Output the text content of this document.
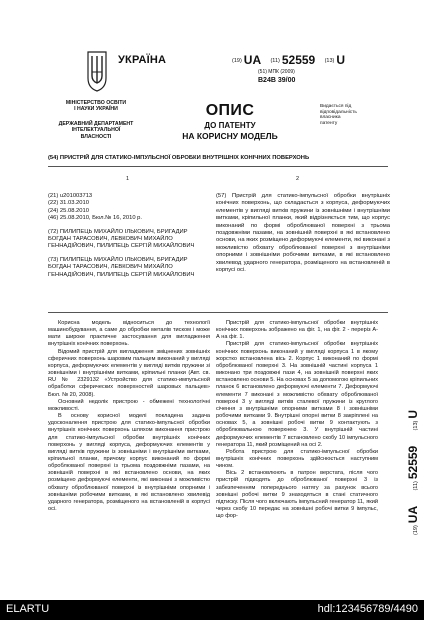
УКРАЇНА
МІНІСТЕРСТВО ОСВІТИ
І НАУКИ УКРАЇНИ
ДЕРЖАВНИЙ ДЕПАРТАМЕНТ
ІНТЕЛЕКТУАЛЬНОЇ
ВЛАСНОСТІ
(19) UA (11) 52559 (13) U
(51) МПК (2009)
B24B 39/00
ОПИС
ДО ПАТЕНТУ
НА КОРИСНУ МОДЕЛЬ
Видається під
відповідальність
власника
патенту
(54) ПРИСТРІЙ ДЛЯ СТАТИКО-ІМПУЛЬСНОЇ ОБРОБКИ ВНУТРІШНІХ КОНІЧНИХ ПОВЕРХОНЬ
1	2

(21) u201003713

(22) 31.03.2010

(24) 25.08.2010

(46) 25.08.2010, Бюл.№ 16, 2010 р.

(72) ПИЛИПЕЦЬ МИХАЙЛО ІЛЬКОВИЧ, БРИГАДИР БОГДАН ТАРАСОВИЧ, ЛЕВКОВИЧ МИХАЙЛО ГЕННАДІЙОВИЧ, ПИЛИПЕЦЬ СЕРГІЙ МИХАЙЛОВИЧ

(73) ПИЛИПЕЦЬ МИХАЙЛО ІЛЬКОВИЧ, БРИГАДИР БОГДАН ТАРАСОВИЧ, ЛЕВКОВИЧ МИХАЙЛО ГЕННАДІЙОВИЧ, ПИЛИПЕЦЬ СЕРГІЙ МИХАЙЛОВИЧ

(57) Пристрій для статико-імпульсної обробки внутрішніх конічних поверхонь, що складається з корпуса, деформуючих елементів у вигляді витків пружини із зовнішніми і внутрішніми витками, кріпильної планки, який відрізняється тим, що корпус виконаний по формі оброблюваної поверхні з трьома поздовжніми пазами, на зовнішній поверхні в які встановлено основи, на яких розміщено деформуючі елементи, які виконані з можливістю обхвату оброблюваної поверхні з внутрішніми опорними і зовнішніми робочими витками, в які встановлено хвилевод ударного генератора, розміщеного на встановленій в корпусі осі.

Корисна модель відноситься до технології машинобудування, а саме до обробки металів тиском і може мати широке практичне застосування для вигладження внутрішніх конічних поверхонь.

Відомий пристрій для вигладження зміцнених зовнішніх сферичних поверхонь шаровим пальцем виконаний у вигляді корпуса, деформуючих елементів у вигляді витків пружини зі зовнішніми і внутрішніми витками, кріпильні планки (Авт. св. RU № 2329132 «Устройство для статико-импульсной обработки сферических поверхностей шаровых пальцев» Бюл. № 20, 2008).

Основний недолік пристрою - обмежені технологічні можливості.

В основу корисної моделі покладена задача удосконалення пристрою для статико-імпульсної обробки внутрішніх конічних поверхонь шляхом виконання пристрою для статико-імпульсної обробки внутрішніх конічних поверхонь у вигляді корпуса, деформуючих елементів у вигляді витків пружини із зовнішніми і внутрішніми витками, кріпильної планки, причому корпус виконаний по формі оброблюваної поверхні із трьома поздовжніми пазами, на зовнішній поверхні в які встановлено основи, на яких розміщено деформуючі елементи, які виконані з можливістю обхвату оброблюваної поверхні із внутрішніми опорними і зовнішніми робочими витками, в які встановлено хвилевід ударного генератора, розміщеного на встановленій в корпусі осі.

Пристрій для статико-імпульсної обробки внутрішніх конічних поверхонь зображено на фіг. 1, на фіг. 2 - переріз А-А на фіг. 1.

Пристрій для статико-імпульсної обробки внутрішніх конічних поверхонь виконаний у вигляді корпуса 1 в якому жорстко встановлена вісь 2. Корпус 1 виконаний по формі оброблюваної поверхні 3. На зовнішній частині корпуса 1 виконано три поздовжні пази 4, на зовнішній поверхні яких встановлено основи 5. На основах 5 за допомогою кріпильних планок 6 встановлено деформуючі елементи 7. Деформуючі елементи 7 виконані з можливістю обхвату оброблюваної поверхні 3 у вигляді витків сталевої пружини із круглого січення з внутрішніми опорними витками 8 і зовнішніми робочими витками 9. Внутрішні опорні витки 8 закріплені на основах 5, а зовнішні робочі витки 9 контактують з оброблювальною поверхнею 3. У внутрішній частині деформуючих елементів 7 встановлено скобу 10 імпульсного генератора 11, який розміщений на осі 2.

Робота пристрою для статико-імпульсної обробки внутрішніх конічних поверхонь здійснюється наступним чином.

Вісь 2 встановлюють в патрон верстата, після чого пристрій підводять до оброблюваної поверхні 3 із забезпеченням попереднього натягу за рахунок всього зовнішні робочі витки 9 знаходяться в стані статичного підтиску. Після чого включають імпульсний генератор 11, який через скобу 10 передає на зовнішні робочі витки 9 імпульс, що фор-

(19)UA (11)52559 (13)U
ELARTU	hdl:123456789/4490
